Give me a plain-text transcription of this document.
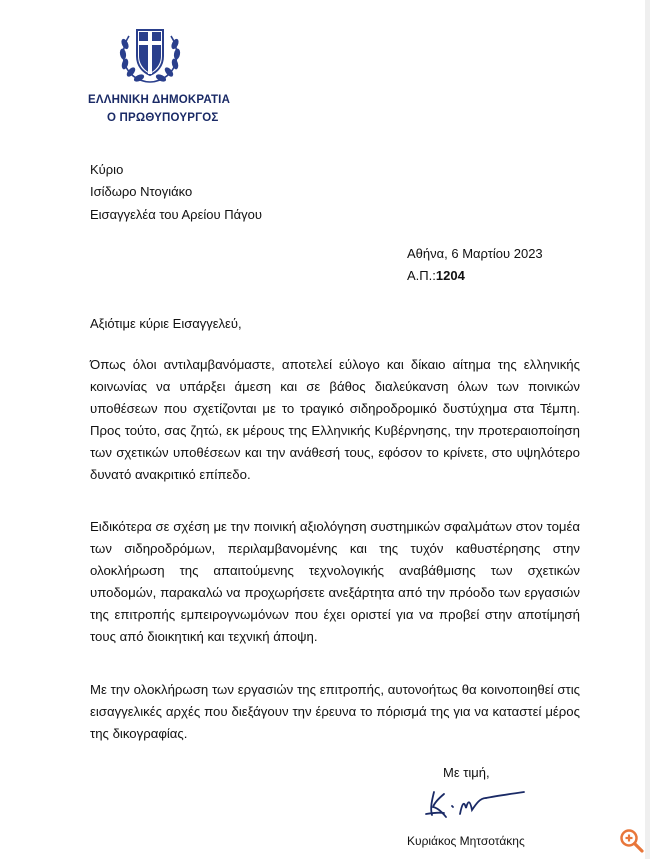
ΕΛΛΗΝΙΚΗ ΔΗΜΟΚΡΑΤΙΑ
Ο ΠΡΩΘΥΠΟΥΡΓΟΣ
Κύριο
Ισίδωρο Ντογιάκο
Εισαγγελέα του Αρείου Πάγου
Αθήνα, 6 Μαρτίου 2023
Α.Π.:1204
Αξιότιμε κύριε Εισαγγελεύ,
Όπως όλοι αντιλαμβανόμαστε, αποτελεί εύλογο και δίκαιο αίτημα της ελληνικής κοινωνίας να υπάρξει άμεση και σε βάθος διαλεύκανση όλων των ποινικών υποθέσεων που σχετίζονται με το τραγικό σιδηροδρομικό δυστύχημα στα Τέμπη. Προς τούτο, σας ζητώ, εκ μέρους της Ελληνικής Κυβέρνησης, την προτεραιοποίηση των σχετικών υποθέσεων και την ανάθεσή τους, εφόσον το κρίνετε, στο υψηλότερο δυνατό ανακριτικό επίπεδο.
Ειδικότερα σε σχέση με την ποινική αξιολόγηση συστημικών σφαλμάτων στον τομέα των σιδηροδρόμων, περιλαμβανομένης και της τυχόν καθυστέρησης στην ολοκλήρωση της απαιτούμενης τεχνολογικής αναβάθμισης των σχετικών υποδομών, παρακαλώ να προχωρήσετε ανεξάρτητα από την πρόοδο των εργασιών της επιτροπής εμπειρογνωμόνων που έχει οριστεί για να προβεί στην αποτίμησή τους από διοικητική και τεχνική άποψη.
Με την ολοκλήρωση των εργασιών της επιτροπής, αυτονοήτως θα κοινοποιηθεί στις εισαγγελικές αρχές που διεξάγουν την έρευνα το πόρισμά της για να καταστεί μέρος της δικογραφίας.
Με τιμή,
Κυριάκος Μητσοτάκης
